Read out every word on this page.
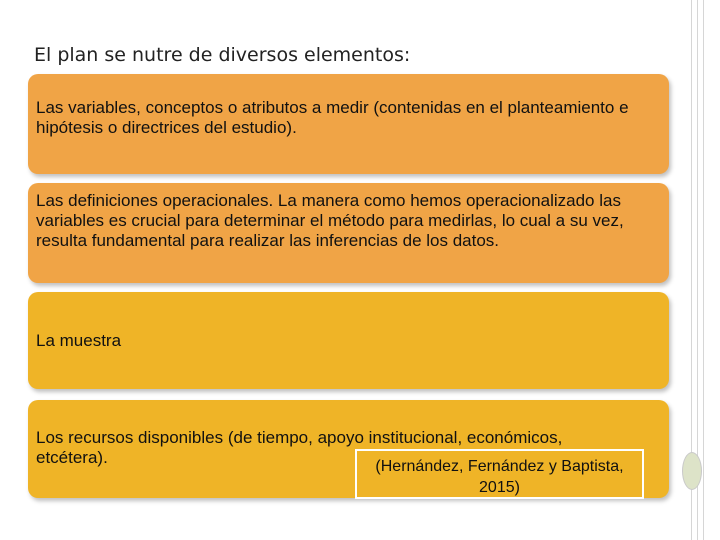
El plan se nutre de diversos elementos:
Las variables, conceptos o atributos a medir (contenidas en el planteamiento e hipótesis o directrices del estudio).
Las definiciones operacionales. La manera como hemos operacionalizado las variables es crucial para determinar el método para medirlas, lo cual a su vez, resulta fundamental para realizar las inferencias de los datos.
La muestra
Los recursos disponibles (de tiempo, apoyo institucional, económicos, etcétera).	(Hernández, Fernández y Baptista, 2015)
